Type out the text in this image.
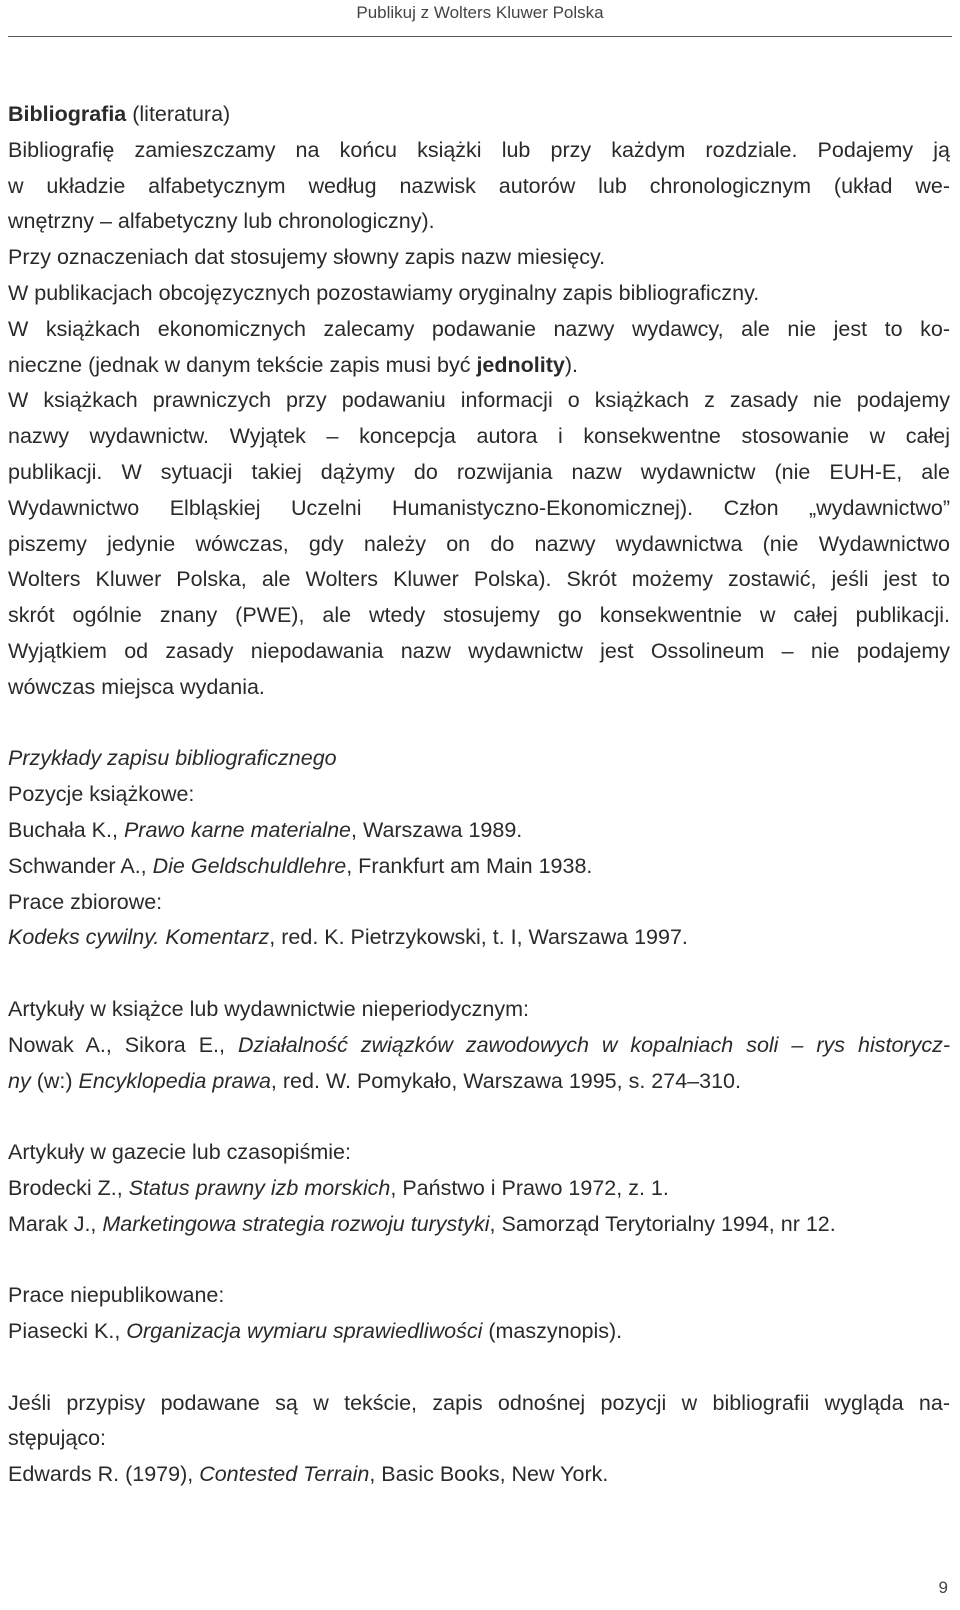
Publikuj z Wolters Kluwer Polska

Bibliografia (literatura)

Bibliografię zamieszczamy na końcu książki lub przy każdym rozdziale. Podajemy ją

w układzie alfabetycznym według nazwisk autorów lub chronologicznym (układ we-

wnętrzny – alfabetyczny lub chronologiczny).

Przy oznaczeniach dat stosujemy słowny zapis nazw miesięcy.

W publikacjach obcojęzycznych pozostawiamy oryginalny zapis bibliograficzny.

W książkach ekonomicznych zalecamy podawanie nazwy wydawcy, ale nie jest to ko-

nieczne (jednak w danym tekście zapis musi być jednolity).

W książkach prawniczych przy podawaniu informacji o książkach z zasady nie podajemy

nazwy wydawnictw. Wyjątek – koncepcja autora i konsekwentne stosowanie w całej

publikacji. W sytuacji takiej dążymy do rozwijania nazw wydawnictw (nie EUH-E, ale

Wydawnictwo Elbląskiej Uczelni Humanistyczno-Ekonomicznej). Człon „wydawnictwo”

piszemy jedynie wówczas, gdy należy on do nazwy wydawnictwa (nie Wydawnictwo

Wolters Kluwer Polska, ale Wolters Kluwer Polska). Skrót możemy zostawić, jeśli jest to

skrót ogólnie znany (PWE), ale wtedy stosujemy go konsekwentnie w całej publikacji.

Wyjątkiem od zasady niepodawania nazw wydawnictw jest Ossolineum – nie podajemy

wówczas miejsca wydania.

Przykłady zapisu bibliograficznego

Pozycje książkowe:

Buchała K., Prawo karne materialne, Warszawa 1989.

Schwander A., Die Geldschuldlehre, Frankfurt am Main 1938.

Prace zbiorowe:

Kodeks cywilny. Komentarz, red. K. Pietrzykowski, t. I, Warszawa 1997.

Artykuły w książce lub wydawnictwie nieperiodycznym:

Nowak A., Sikora E., Działalność związków zawodowych w kopalniach soli – rys historycz-

ny (w:) Encyklopedia prawa, red. W. Pomykało, Warszawa 1995, s. 274–310.

Artykuły w gazecie lub czasopiśmie:

Brodecki Z., Status prawny izb morskich, Państwo i Prawo 1972, z. 1.

Marak J., Marketingowa strategia rozwoju turystyki, Samorząd Terytorialny 1994, nr 12.

Prace niepublikowane:

Piasecki K., Organizacja wymiaru sprawiedliwości (maszynopis).

Jeśli przypisy podawane są w tekście, zapis odnośnej pozycji w bibliografii wygląda na-

stępująco:

Edwards R. (1979), Contested Terrain, Basic Books, New York.

9
